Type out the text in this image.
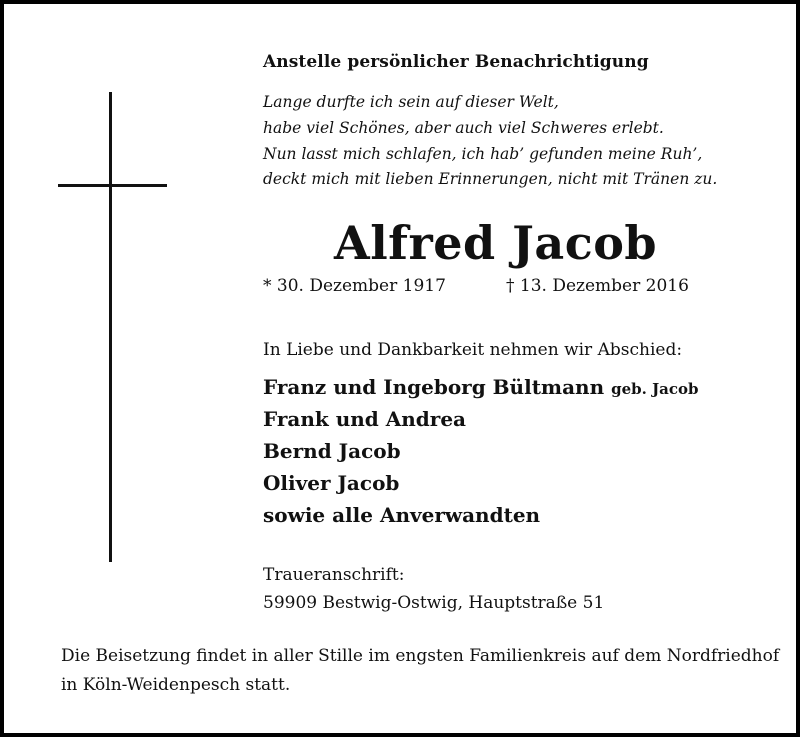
Anstelle persönlicher Benachrichtigung
Lange durfte ich sein auf dieser Welt,
habe viel Schönes, aber auch viel Schweres erlebt.
Nun lasst mich schlafen, ich hab’ gefunden meine Ruh’,
deckt mich mit lieben Erinnerungen, nicht mit Tränen zu.
Alfred Jacob
* 30. Dezember 1917	† 13. Dezember 2016
In Liebe und Dankbarkeit nehmen wir Abschied:
Franz und Ingeborg Bültmann geb. Jacob
Frank und Andrea
Bernd Jacob
Oliver Jacob
sowie alle Anverwandten
Traueranschrift:
59909 Bestwig-Ostwig, Hauptstraße 51
Die Beisetzung findet in aller Stille im engsten Familienkreis auf dem Nordfriedhof
in Köln-Weidenpesch statt.
